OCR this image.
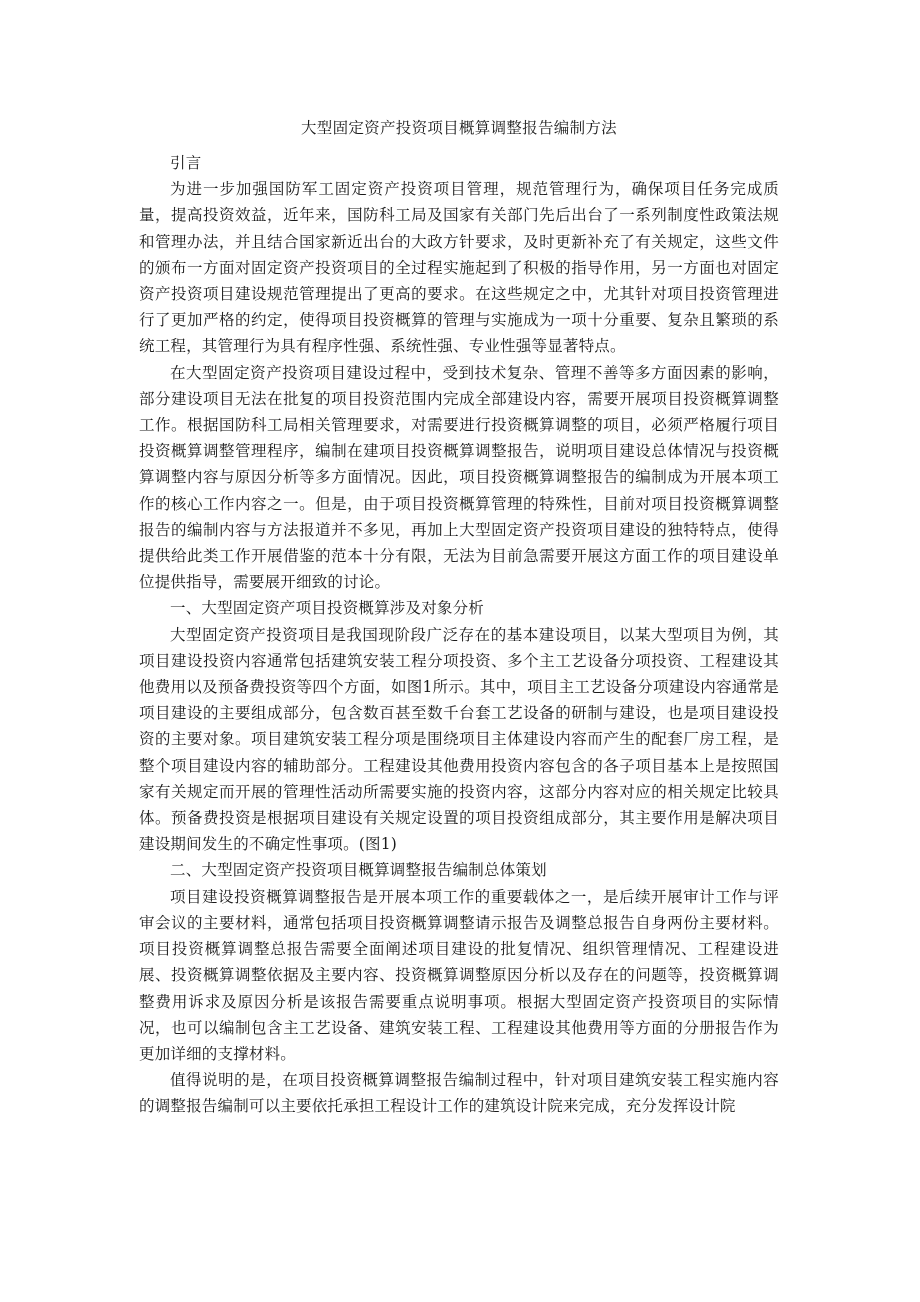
大型固定资产投资项目概算调整报告编制方法

引言

为进一步加强国防军工固定资产投资项目管理，规范管理行为，确保项目任务完成质量，提高投资效益，近年来，国防科工局及国家有关部门先后出台了一系列制度性政策法规和管理办法，并且结合国家新近出台的大政方针要求，及时更新补充了有关规定，这些文件的颁布一方面对固定资产投资项目的全过程实施起到了积极的指导作用，另一方面也对固定资产投资项目建设规范管理提出了更高的要求。在这些规定之中，尤其针对项目投资管理进行了更加严格的约定，使得项目投资概算的管理与实施成为一项十分重要、复杂且繁琐的系统工程，其管理行为具有程序性强、系统性强、专业性强等显著特点。

在大型固定资产投资项目建设过程中，受到技术复杂、管理不善等多方面因素的影响，部分建设项目无法在批复的项目投资范围内完成全部建设内容，需要开展项目投资概算调整工作。根据国防科工局相关管理要求，对需要进行投资概算调整的项目，必须严格履行项目投资概算调整管理程序，编制在建项目投资概算调整报告，说明项目建设总体情况与投资概算调整内容与原因分析等多方面情况。因此，项目投资概算调整报告的编制成为开展本项工作的核心工作内容之一。但是，由于项目投资概算管理的特殊性，目前对项目投资概算调整报告的编制内容与方法报道并不多见，再加上大型固定资产投资项目建设的独特特点，使得提供给此类工作开展借鉴的范本十分有限，无法为目前急需要开展这方面工作的项目建设单位提供指导，需要展开细致的讨论。

一、大型固定资产项目投资概算涉及对象分析

大型固定资产投资项目是我国现阶段广泛存在的基本建设项目，以某大型项目为例，其项目建设投资内容通常包括建筑安装工程分项投资、多个主工艺设备分项投资、工程建设其他费用以及预备费投资等四个方面，如图1所示。其中，项目主工艺设备分项建设内容通常是项目建设的主要组成部分，包含数百甚至数千台套工艺设备的研制与建设，也是项目建设投资的主要对象。项目建筑安装工程分项是围绕项目主体建设内容而产生的配套厂房工程，是整个项目建设内容的辅助部分。工程建设其他费用投资内容包含的各子项目基本上是按照国家有关规定而开展的管理性活动所需要实施的投资内容，这部分内容对应的相关规定比较具体。预备费投资是根据项目建设有关规定设置的项目投资组成部分，其主要作用是解决项目建设期间发生的不确定性事项。(图1)

二、大型固定资产投资项目概算调整报告编制总体策划

项目建设投资概算调整报告是开展本项工作的重要载体之一，是后续开展审计工作与评审会议的主要材料，通常包括项目投资概算调整请示报告及调整总报告自身两份主要材料。项目投资概算调整总报告需要全面阐述项目建设的批复情况、组织管理情况、工程建设进展、投资概算调整依据及主要内容、投资概算调整原因分析以及存在的问题等，投资概算调整费用诉求及原因分析是该报告需要重点说明事项。根据大型固定资产投资项目的实际情况，也可以编制包含主工艺设备、建筑安装工程、工程建设其他费用等方面的分册报告作为更加详细的支撑材料。

值得说明的是，在项目投资概算调整报告编制过程中，针对项目建筑安装工程实施内容的调整报告编制可以主要依托承担工程设计工作的建筑设计院来完成，充分发挥设计院
